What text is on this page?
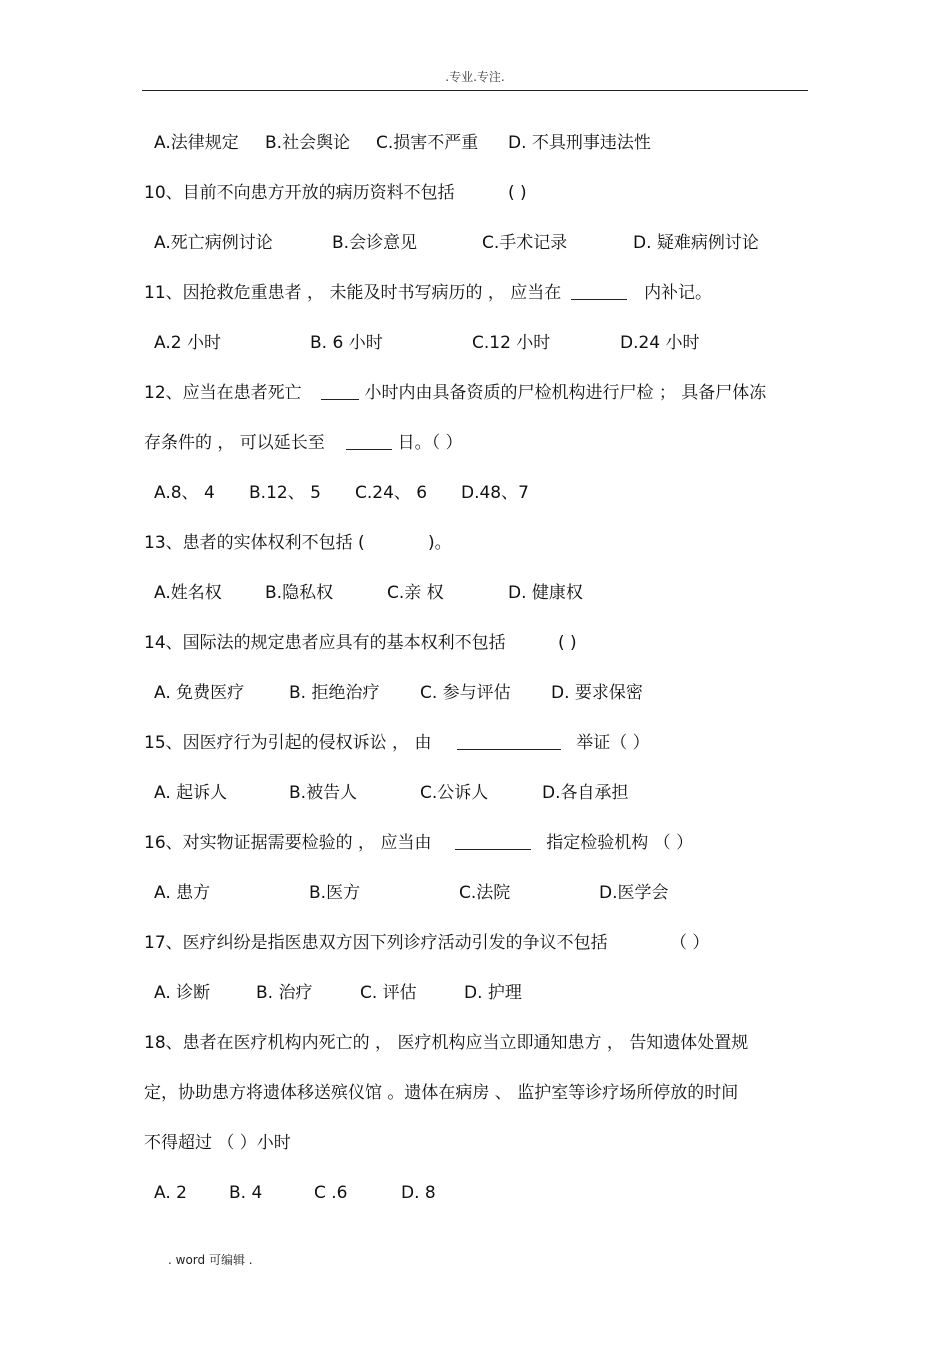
.专业.专注.
A.法律规定 B.社会舆论 C.损害不严重 D. 不具刑事违法性
10、目前不向患方开放的病历资料不包括	( )
A.死亡病例讨论	B.会诊意见	C.手术记录	D. 疑难病例讨论
11、因抢救危重患者 ， 未能及时书写病历的 ， 应当在	内补记。
A.2 小时	B. 6 小时	C.12 小时	D.24 小时
12、应当在患者死亡	小时内由具备资质的尸检机构进行尸检 ； 具备尸体冻
存条件的 ， 可以延长至	日。（ ）
A.8、 4 B.12、 5 C.24、 6 D.48、7
13、患者的实体权利不包括 (	)。
A.姓名权	B.隐私权	C.亲 权	D. 健康权
14、国际法的规定患者应具有的基本权利不包括	( )
A. 免费医疗	B. 拒绝治疗 C. 参与评估 D. 要求保密
15、因医疗行为引起的侵权诉讼 ， 由	举证（ ）
A. 起诉人	B.被告人	C.公诉人	D.各自承担
16、对实物证据需要检验的 ， 应当由	指定检验机构 （ ）
A. 患方	B.医方	C.法院	D.医学会
17、医疗纠纷是指医患双方因下列诊疗活动引发的争议不包括	（ ）
A. 诊断	B. 治疗	C. 评估	D. 护理
18、患者在医疗机构内死亡的 ， 医疗机构应当立即通知患方 ， 告知遗体处置规
定，协助患方将遗体移送殡仪馆 。遗体在病房 、 监护室等诊疗场所停放的时间
不得超过 （ ）小时
A. 2 B. 4	C .6	D. 8
. word 可编辑 .
